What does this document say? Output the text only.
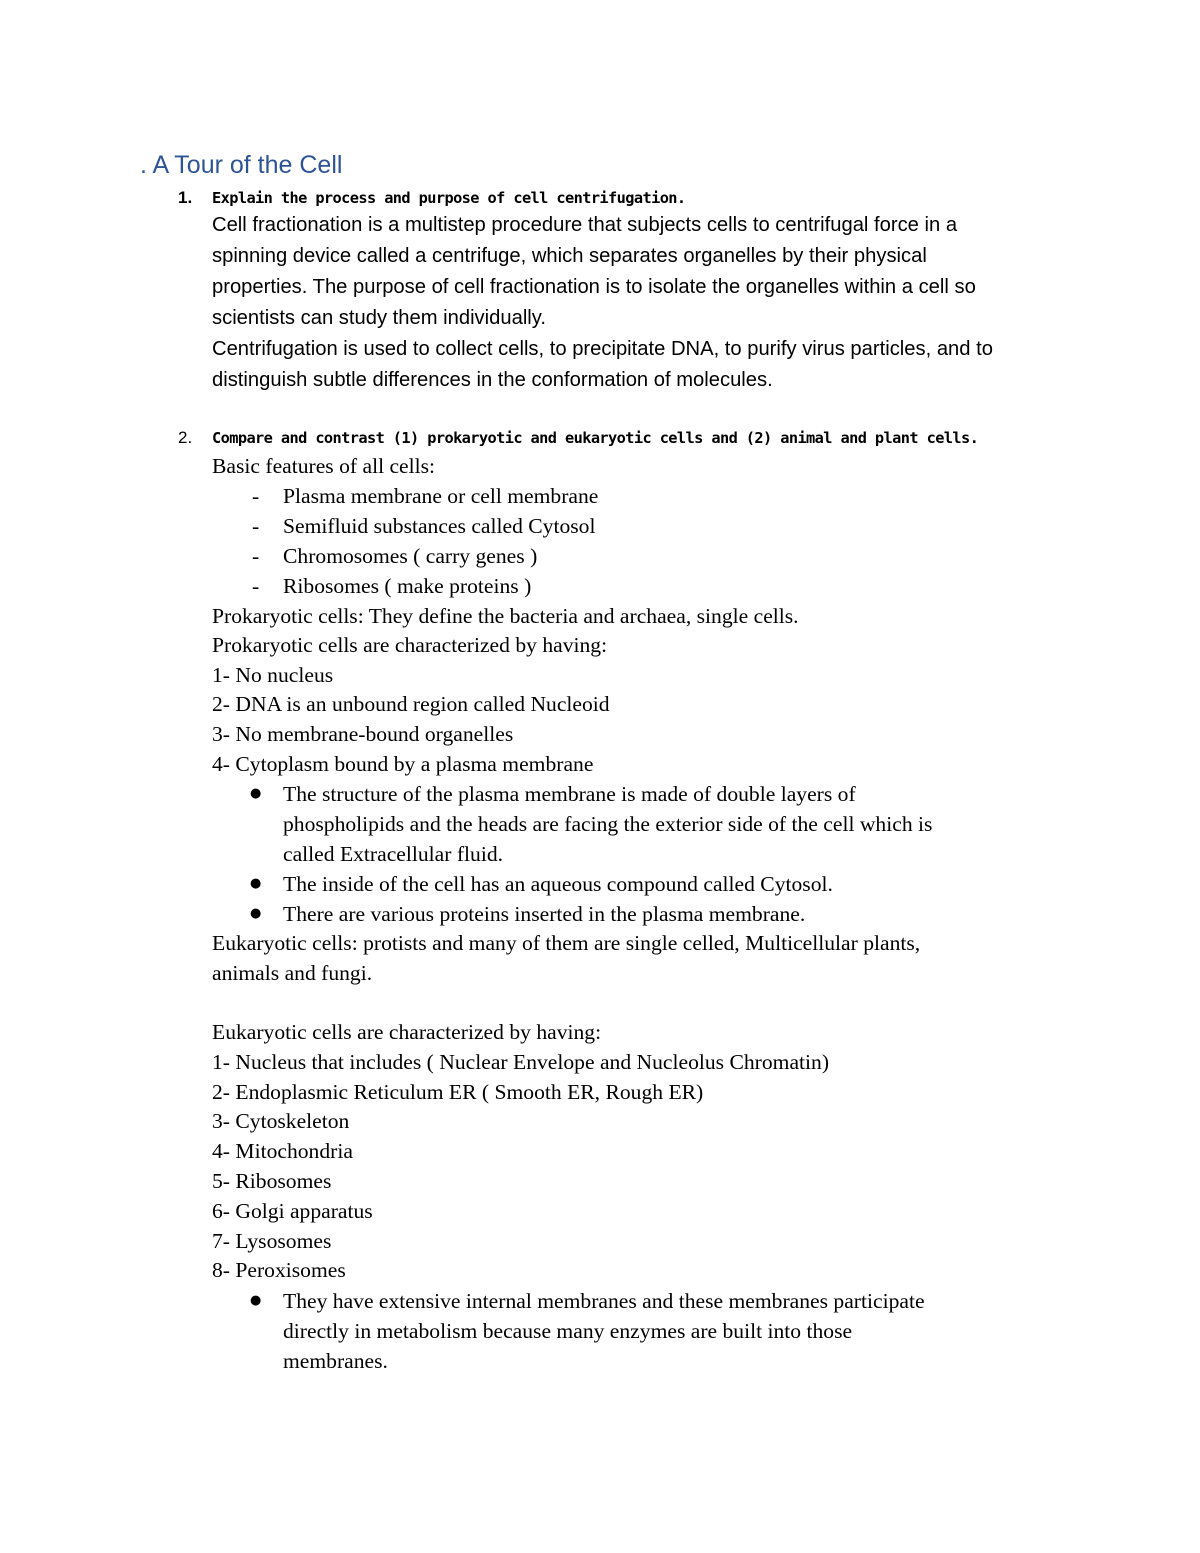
. A Tour of the Cell
1. Explain the process and purpose of cell centrifugation.
Cell fractionation is a multistep procedure that subjects cells to centrifugal force in a
spinning device called a centrifuge, which separates organelles by their physical
properties. The purpose of cell fractionation is to isolate the organelles within a cell so
scientists can study them individually.
Centrifugation is used to collect cells, to precipitate DNA, to purify virus particles, and to
distinguish subtle differences in the conformation of molecules.
2. Compare and contrast (1) prokaryotic and eukaryotic cells and (2) animal and plant cells.
Basic features of all cells:
- Plasma membrane or cell membrane
- Semifluid substances called Cytosol
- Chromosomes ( carry genes )
- Ribosomes ( make proteins )
Prokaryotic cells: They define the bacteria and archaea, single cells.
Prokaryotic cells are characterized by having:
1- No nucleus
2- DNA is an unbound region called Nucleoid
3- No membrane-bound organelles
4- Cytoplasm bound by a plasma membrane
● The structure of the plasma membrane is made of double layers of
phospholipids and the heads are facing the exterior side of the cell which is
called Extracellular fluid.
● The inside of the cell has an aqueous compound called Cytosol.
● There are various proteins inserted in the plasma membrane.
Eukaryotic cells: protists and many of them are single celled, Multicellular plants,
animals and fungi.
Eukaryotic cells are characterized by having:
1- Nucleus that includes ( Nuclear Envelope and Nucleolus Chromatin)
2- Endoplasmic Reticulum ER ( Smooth ER, Rough ER)
3- Cytoskeleton
4- Mitochondria
5- Ribosomes
6- Golgi apparatus
7- Lysosomes
8- Peroxisomes
● They have extensive internal membranes and these membranes participate
directly in metabolism because many enzymes are built into those
membranes.
